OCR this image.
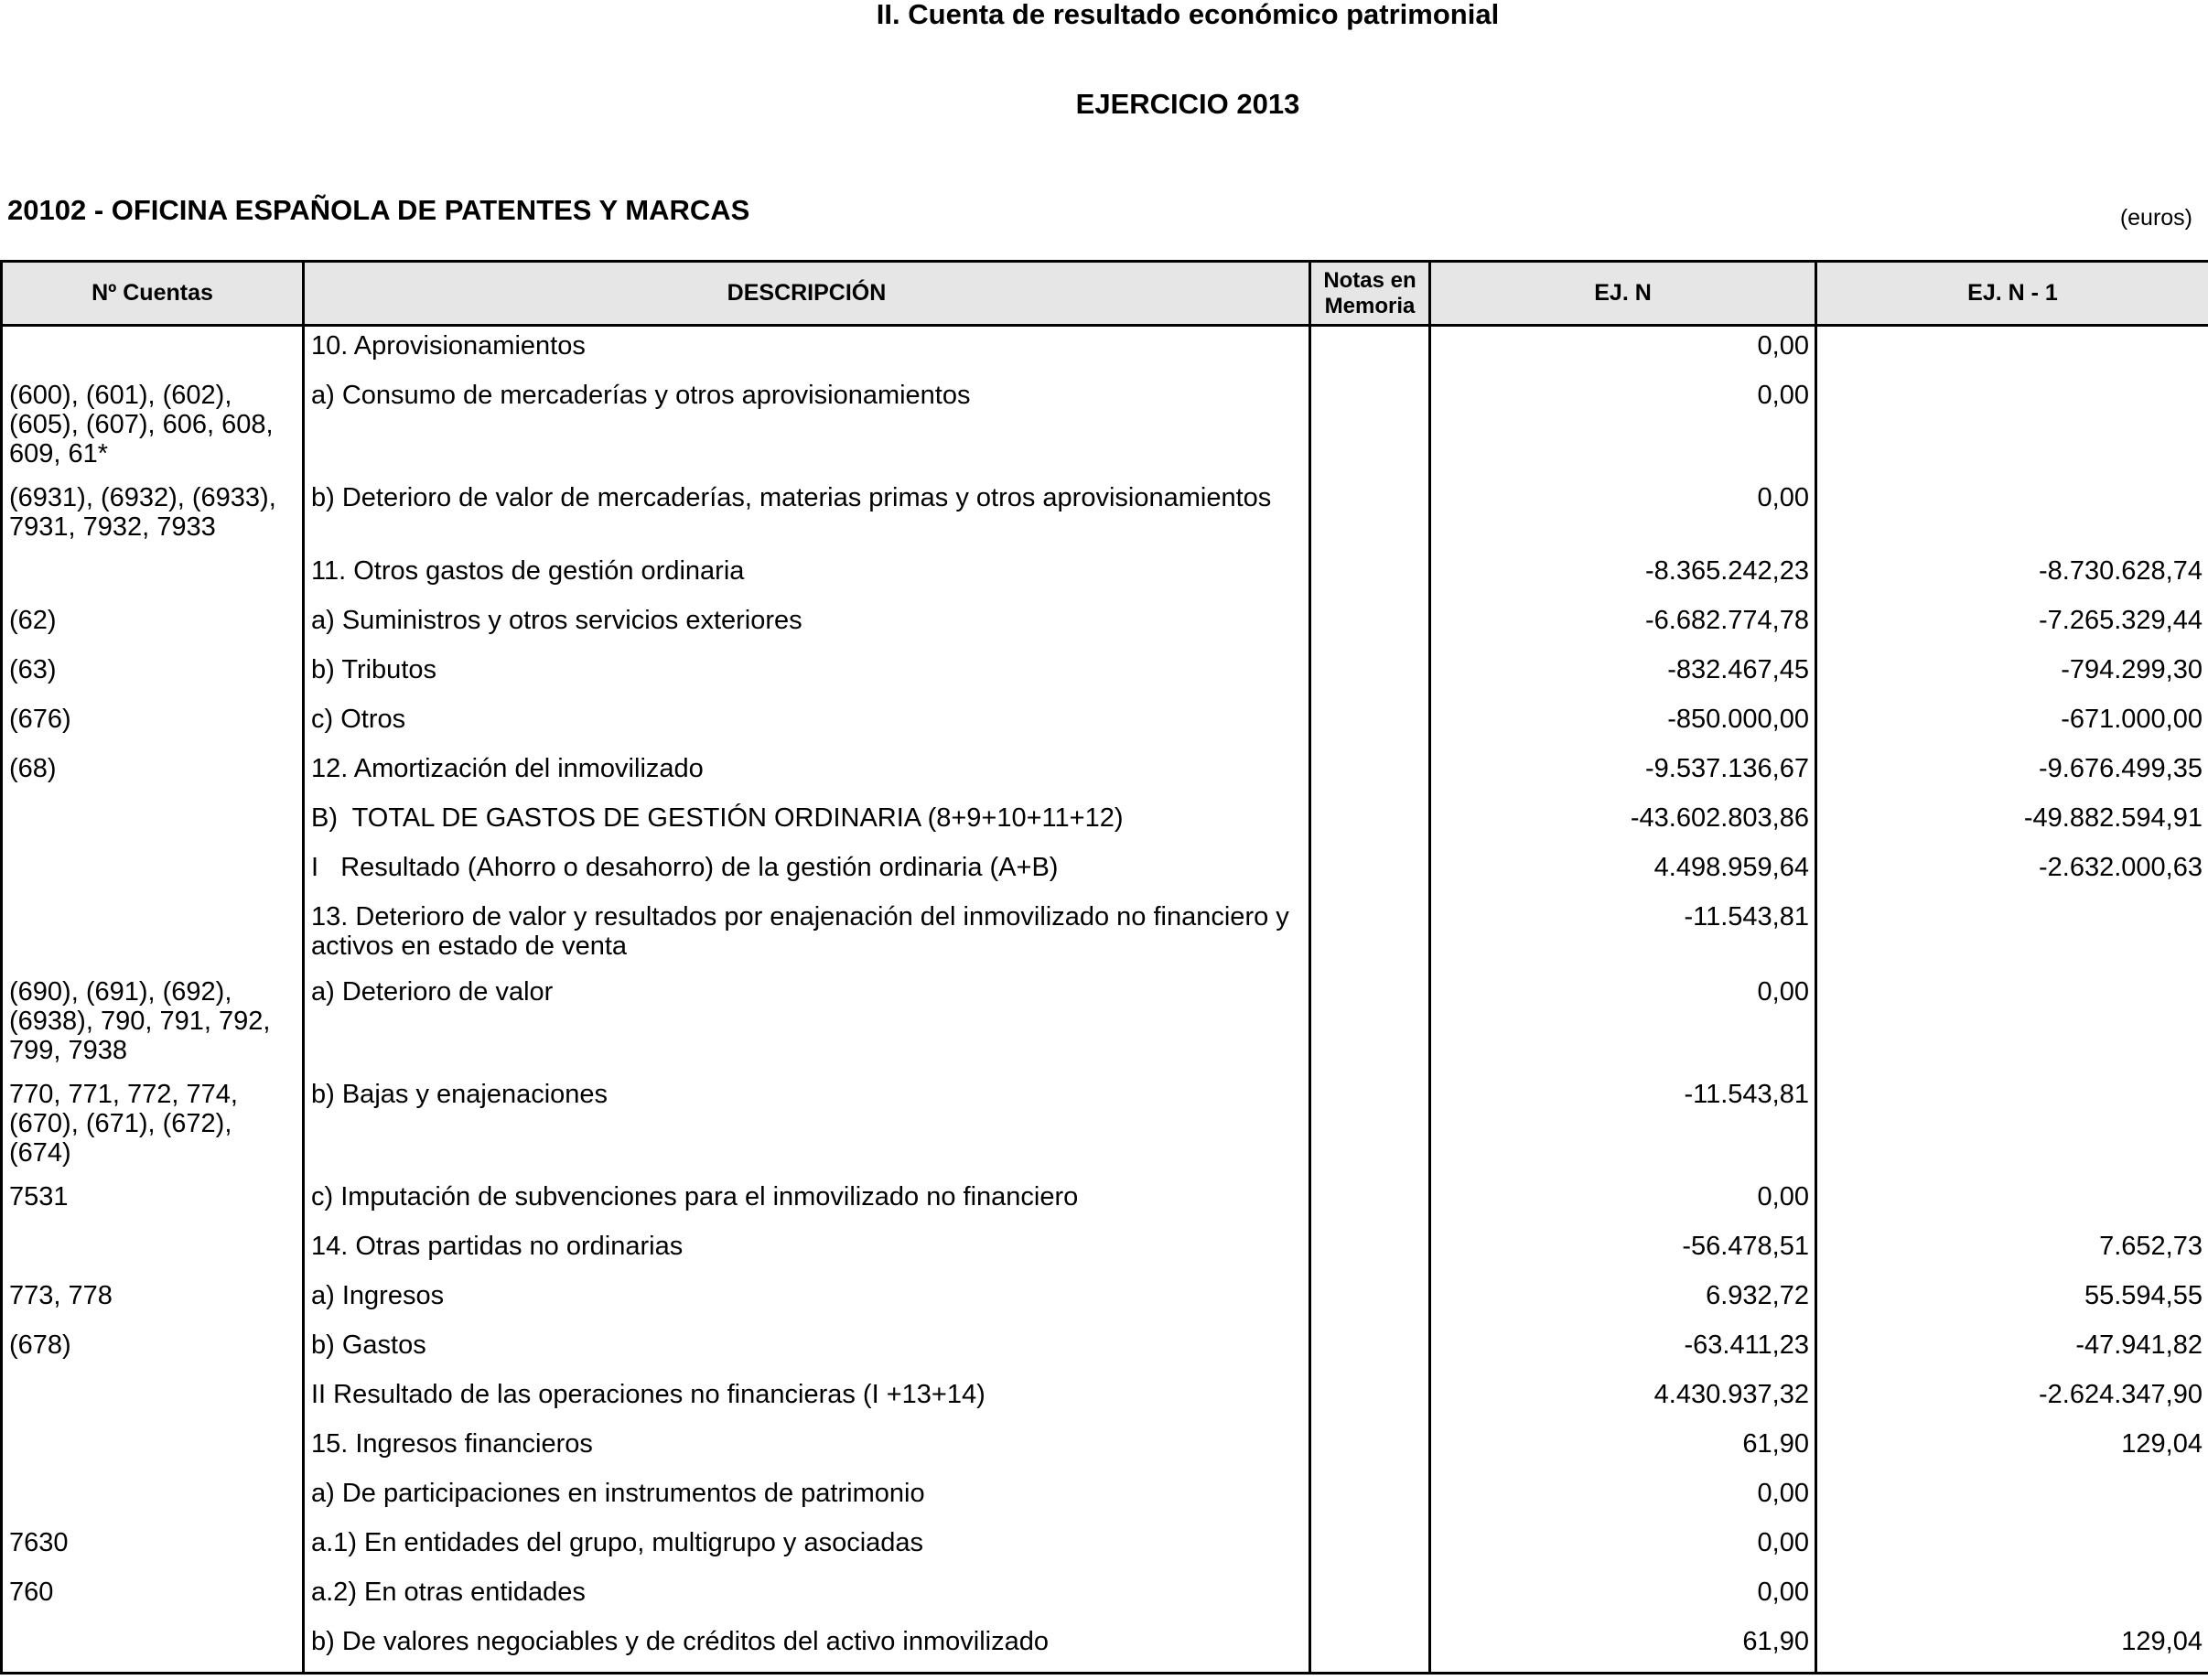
II. Cuenta de resultado económico patrimonial
EJERCICIO 2013
20102 - OFICINA ESPAÑOLA DE PATENTES Y MARCAS	(euros)
Nº Cuentas	DESCRIPCIÓN	Notas en Memoria	EJ. N	EJ. N - 1
	10. Aprovisionamientos		0,00	
(600), (601), (602), (605), (607), 606, 608, 609, 61*	a) Consumo de mercaderías y otros aprovisionamientos		0,00	
(6931), (6932), (6933), 7931, 7932, 7933	b) Deterioro de valor de mercaderías, materias primas y otros aprovisionamientos		0,00	
	11. Otros gastos de gestión ordinaria		-8.365.242,23	-8.730.628,74
(62)	a) Suministros y otros servicios exteriores		-6.682.774,78	-7.265.329,44
(63)	b) Tributos		-832.467,45	-794.299,30
(676)	c) Otros		-850.000,00	-671.000,00
(68)	12. Amortización del inmovilizado		-9.537.136,67	-9.676.499,35
	B)  TOTAL DE GASTOS DE GESTIÓN ORDINARIA (8+9+10+11+12)		-43.602.803,86	-49.882.594,91
	I   Resultado (Ahorro o desahorro) de la gestión ordinaria (A+B)		4.498.959,64	-2.632.000,63
	13. Deterioro de valor y resultados por enajenación del inmovilizado no financiero y activos en estado de venta		-11.543,81	
(690), (691), (692), (6938), 790, 791, 792, 799, 7938	a) Deterioro de valor		0,00	
770, 771, 772, 774, (670), (671), (672), (674)	b) Bajas y enajenaciones		-11.543,81	
7531	c) Imputación de subvenciones para el inmovilizado no financiero		0,00	
	14. Otras partidas no ordinarias		-56.478,51	7.652,73
773, 778	a) Ingresos		6.932,72	55.594,55
(678)	b) Gastos		-63.411,23	-47.941,82
	II Resultado de las operaciones no financieras (I +13+14)		4.430.937,32	-2.624.347,90
	15. Ingresos financieros		61,90	129,04
	a) De participaciones en instrumentos de patrimonio		0,00	
7630	a.1) En entidades del grupo, multigrupo y asociadas		0,00	
760	a.2) En otras entidades		0,00	
	b) De valores negociables y de créditos del activo inmovilizado		61,90	129,04
